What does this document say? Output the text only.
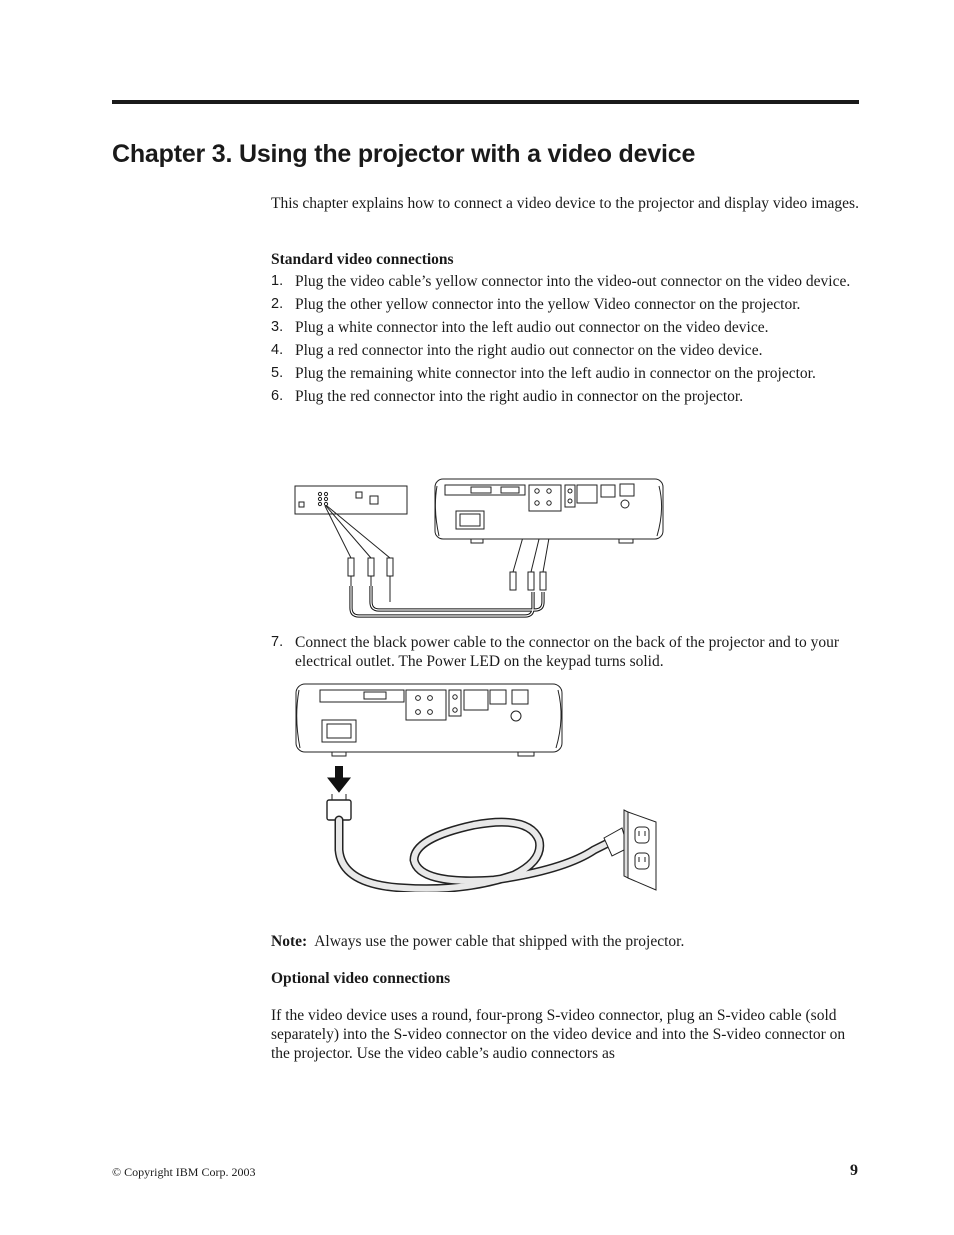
Chapter 3. Using the projector with a video device

This chapter explains how to connect a video device to the projector and display video images.

Standard video connections
1. Plug the video cable’s yellow connector into the video-out connector on the video device.
2. Plug the other yellow connector into the yellow Video connector on the projector.
3. Plug a white connector into the left audio out connector on the video device.
4. Plug a red connector into the right audio out connector on the video device.
5. Plug the remaining white connector into the left audio in connector on the projector.
6. Plug the red connector into the right audio in connector on the projector.
7. Connect the black power cable to the connector on the back of the projector and to your electrical outlet. The Power LED on the keypad turns solid.

Note: Always use the power cable that shipped with the projector.

Optional video connections

If the video device uses a round, four-prong S-video connector, plug an S-video cable (sold separately) into the S-video connector on the video device and into the S-video connector on the projector. Use the video cable’s audio connectors as

© Copyright IBM Corp. 2003	9
